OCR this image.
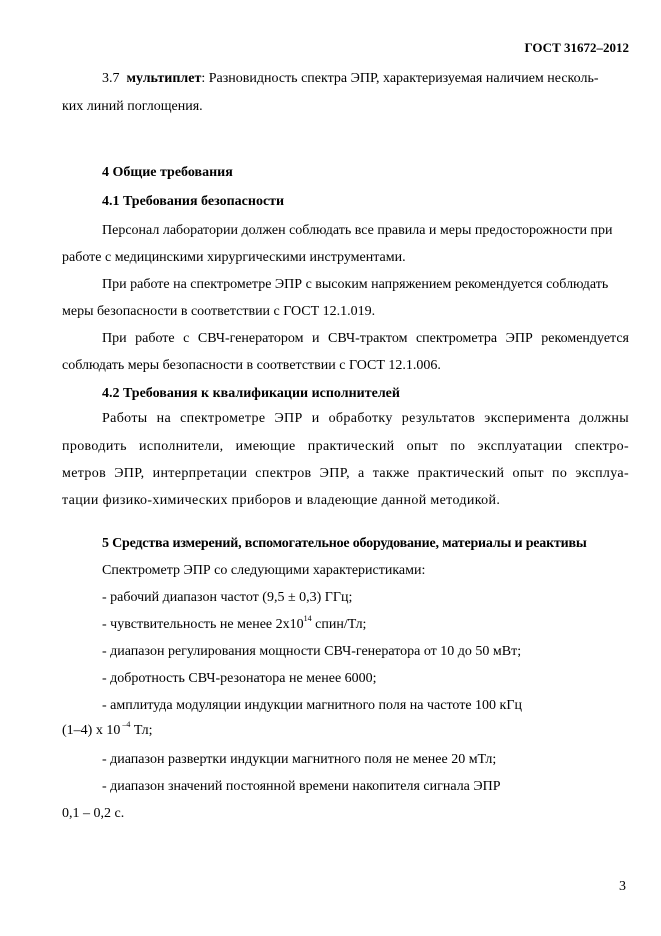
ГОСТ 31672–2012
3.7 мультиплет: Разновидность спектра ЭПР, характеризуемая наличием несколь-
ких линий поглощения.
4 Общие требования
4.1 Требования безопасности
Персонал лаборатории должен соблюдать все правила и меры предосторожности при
работе с медицинскими хирургическими инструментами.
При работе на спектрометре ЭПР с высоким напряжением рекомендуется соблюдать
меры безопасности в соответствии с ГОСТ 12.1.019.
При работе с СВЧ-генератором и СВЧ-трактом спектрометра ЭПР рекомендуется
соблюдать меры безопасности в соответствии с ГОСТ 12.1.006.
4.2 Требования к квалификации исполнителей
Работы на спектрометре ЭПР и обработку результатов эксперимента должны
проводить исполнители, имеющие практический опыт по эксплуатации спектро-
метров ЭПР, интерпретации спектров ЭПР, а также практический опыт по эксплуа-
тации физико-химических приборов и владеющие данной методикой.
5 Средства измерений, вспомогательное оборудование, материалы и реактивы
Спектрометр ЭПР со следующими характеристиками:
- рабочий диапазон частот (9,5 ± 0,3) ГГц;
- чувствительность не менее $2х10^{14}$ спин/Тл;
- диапазон регулирования мощности СВЧ-генератора от 10 до 50 мВт;
- добротность СВЧ-резонатора не менее 6000;
- амплитуда модуляции индукции магнитного поля на частоте 100 кГц
(1–4) х 10 $^{-4}$ Тл;
- диапазон развертки индукции магнитного поля не менее 20 мТл;
- диапазон значений постоянной времени накопителя сигнала ЭПР
0,1 – 0,2 с.
3
